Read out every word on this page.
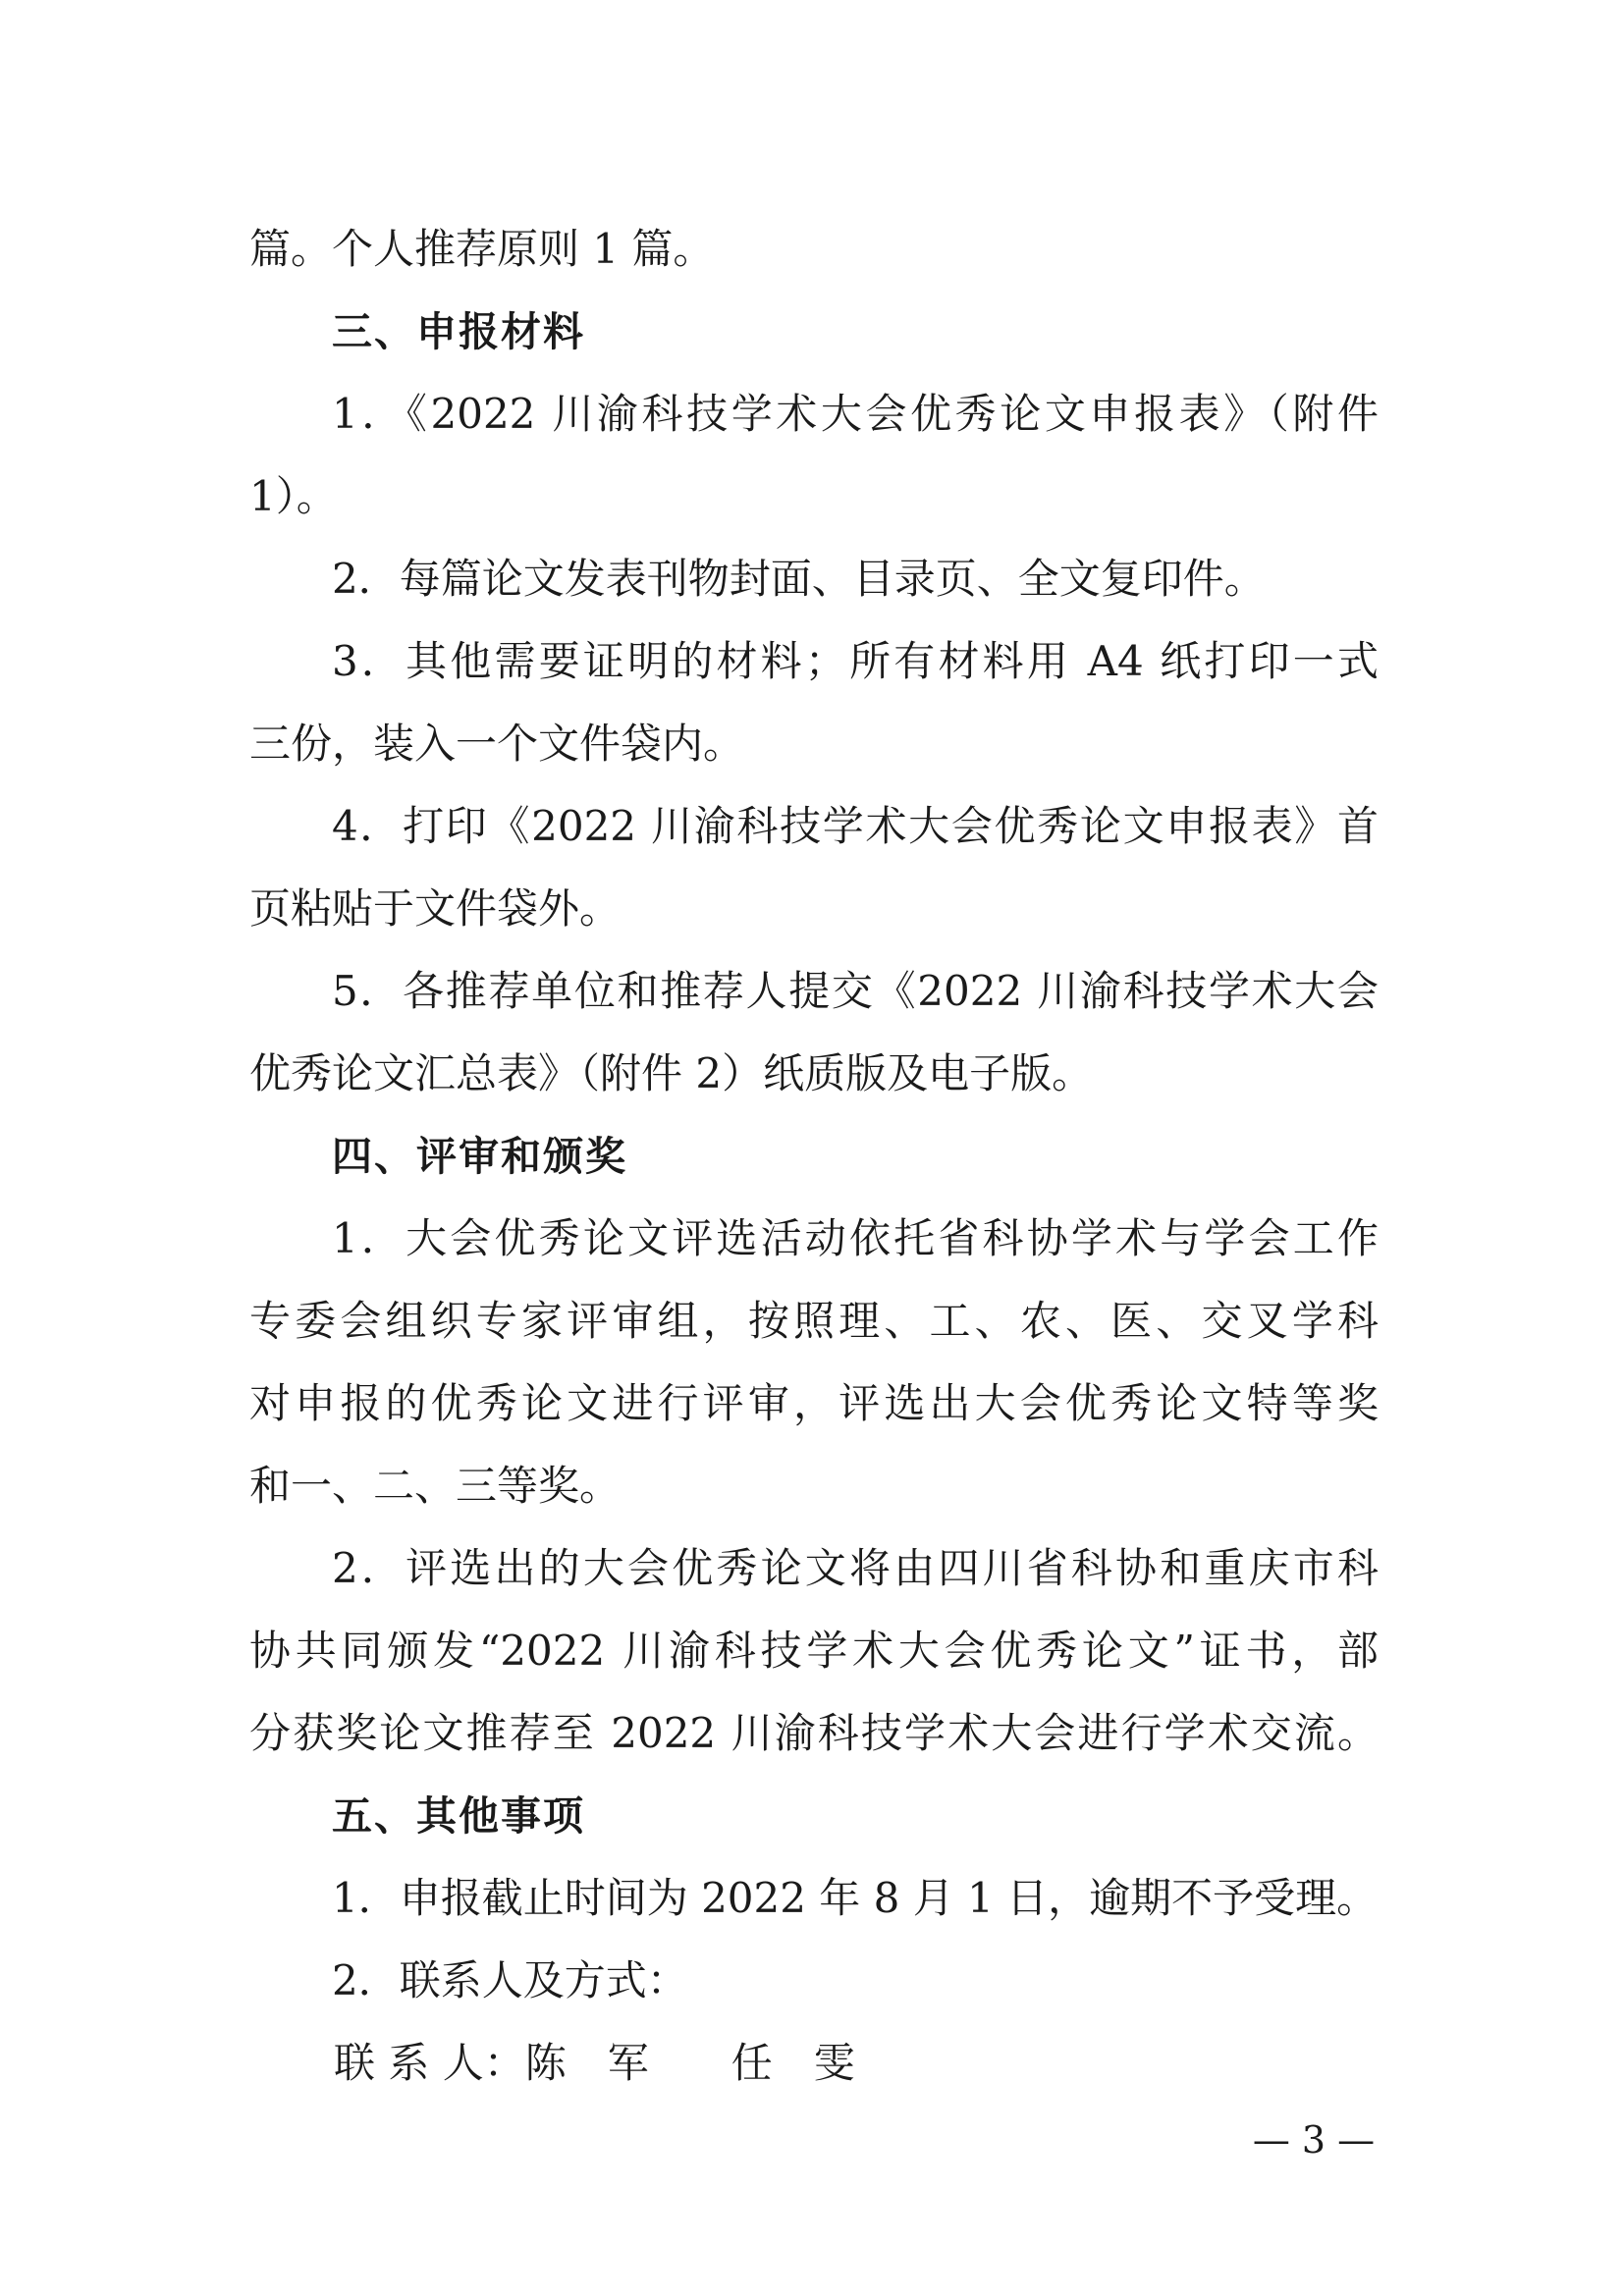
篇。个人推荐原则 1 篇。
三、申报材料
1．《2022 川渝科技学术大会优秀论文申报表》（附件
1）。
2．每篇论文发表刊物封面、目录页、全文复印件。
3．其他需要证明的材料；所有材料用 A4 纸打印一式
三份，装入一个文件袋内。
4．打印《2022 川渝科技学术大会优秀论文申报表》首
页粘贴于文件袋外。
5．各推荐单位和推荐人提交《2022 川渝科技学术大会
优秀论文汇总表》（附件 2）纸质版及电子版。
四、评审和颁奖
1．大会优秀论文评选活动依托省科协学术与学会工作
专委会组织专家评审组，按照理、工、农、医、交叉学科
对申报的优秀论文进行评审，评选出大会优秀论文特等奖
和一、二、三等奖。
2．评选出的大会优秀论文将由四川省科协和重庆市科
协共同颁发“2022 川渝科技学术大会优秀论文”证书，部
分获奖论文推荐至 2022 川渝科技学术大会进行学术交流。
五、其他事项
1．申报截止时间为 2022 年 8 月 1 日，逾期不予受理。
2．联系人及方式：
联 系 人：陈　军　　任　雯
— 3 —
